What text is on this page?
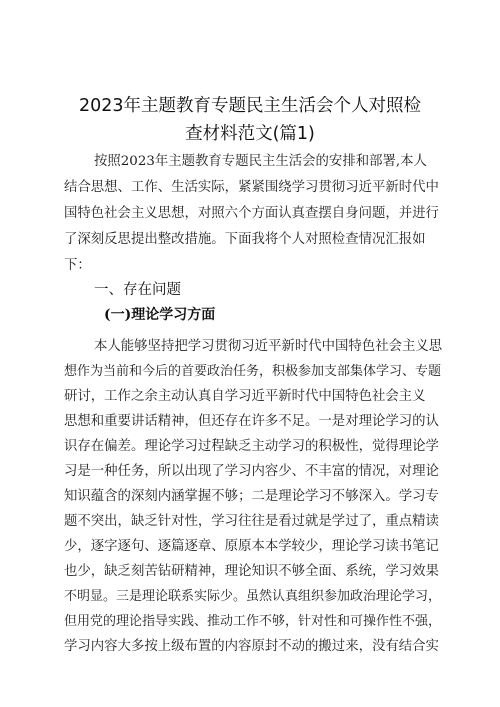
2023年主题教育专题民主生活会个人对照检
查材料范文(篇1)
按照2023年主题教育专题民主生活会的安排和部署,本人
结合思想、工作、生活实际，紧紧围绕学习贯彻习近平新时代中
国特色社会主义思想，对照六个方面认真查摆自身问题，并进行
了深刻反思提出整改措施。下面我将个人对照检查情况汇报如
下：
一、存在问题
(一)理论学习方面
本人能够坚持把学习贯彻习近平新时代中国特色社会主义思
想作为当前和今后的首要政治任务，积极参加支部集体学习、专题
研讨，工作之余主动认真自学习近平新时代中国特色社会主义
思想和重要讲话精神，但还存在许多不足。一是对理论学习的认
识存在偏差。理论学习过程缺乏主动学习的积极性，觉得理论学
习是一种任务，所以出现了学习内容少、不丰富的情况，对理论
知识蕴含的深刻内涵掌握不够；二是理论学习不够深入。学习专
题不突出，缺乏针对性，学习往往是看过就是学过了，重点精读
少，逐字逐句、逐篇逐章、原原本本学较少，理论学习读书笔记
也少，缺乏刻苦钻研精神，理论知识不够全面、系统，学习效果
不明显。三是理论联系实际少。虽然认真组织参加政治理论学习，
但用党的理论指导实践、推动工作不够，针对性和可操作性不强，
学习内容大多按上级布置的内容原封不动的搬过来，没有结合实
